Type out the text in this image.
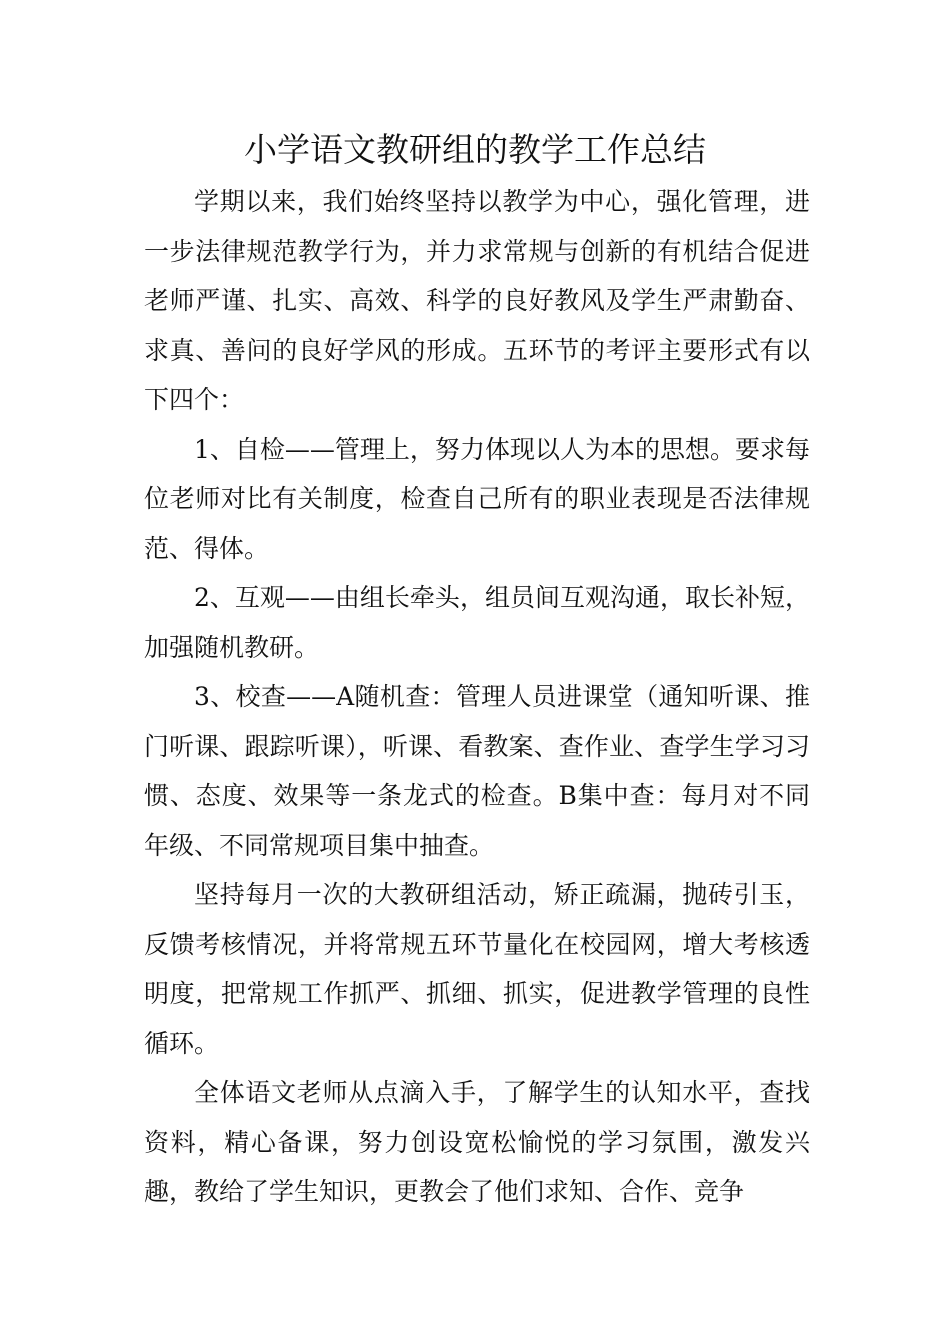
小学语文教研组的教学工作总结

学期以来，我们始终坚持以教学为中心，强化管理，进一步法律规范教学行为，并力求常规与创新的有机结合促进老师严谨、扎实、高效、科学的良好教风及学生严肃勤奋、求真、善问的良好学风的形成。五环节的考评主要形式有以下四个：

1、自检——管理上，努力体现以人为本的思想。要求每位老师对比有关制度，检查自己所有的职业表现是否法律规范、得体。

2、互观——由组长牵头，组员间互观沟通，取长补短，加强随机教研。

3、校查——A随机查：管理人员进课堂（通知听课、推门听课、跟踪听课），听课、看教案、查作业、查学生学习习惯、态度、效果等一条龙式的检查。B集中查：每月对不同年级、不同常规项目集中抽查。

坚持每月一次的大教研组活动，矫正疏漏，抛砖引玉，反馈考核情况，并将常规五环节量化在校园网，增大考核透明度，把常规工作抓严、抓细、抓实，促进教学管理的良性循环。

全体语文老师从点滴入手，了解学生的认知水平，查找资料，精心备课，努力创设宽松愉悦的学习氛围，激发兴趣，教给了学生知识，更教会了他们求知、合作、竞争
